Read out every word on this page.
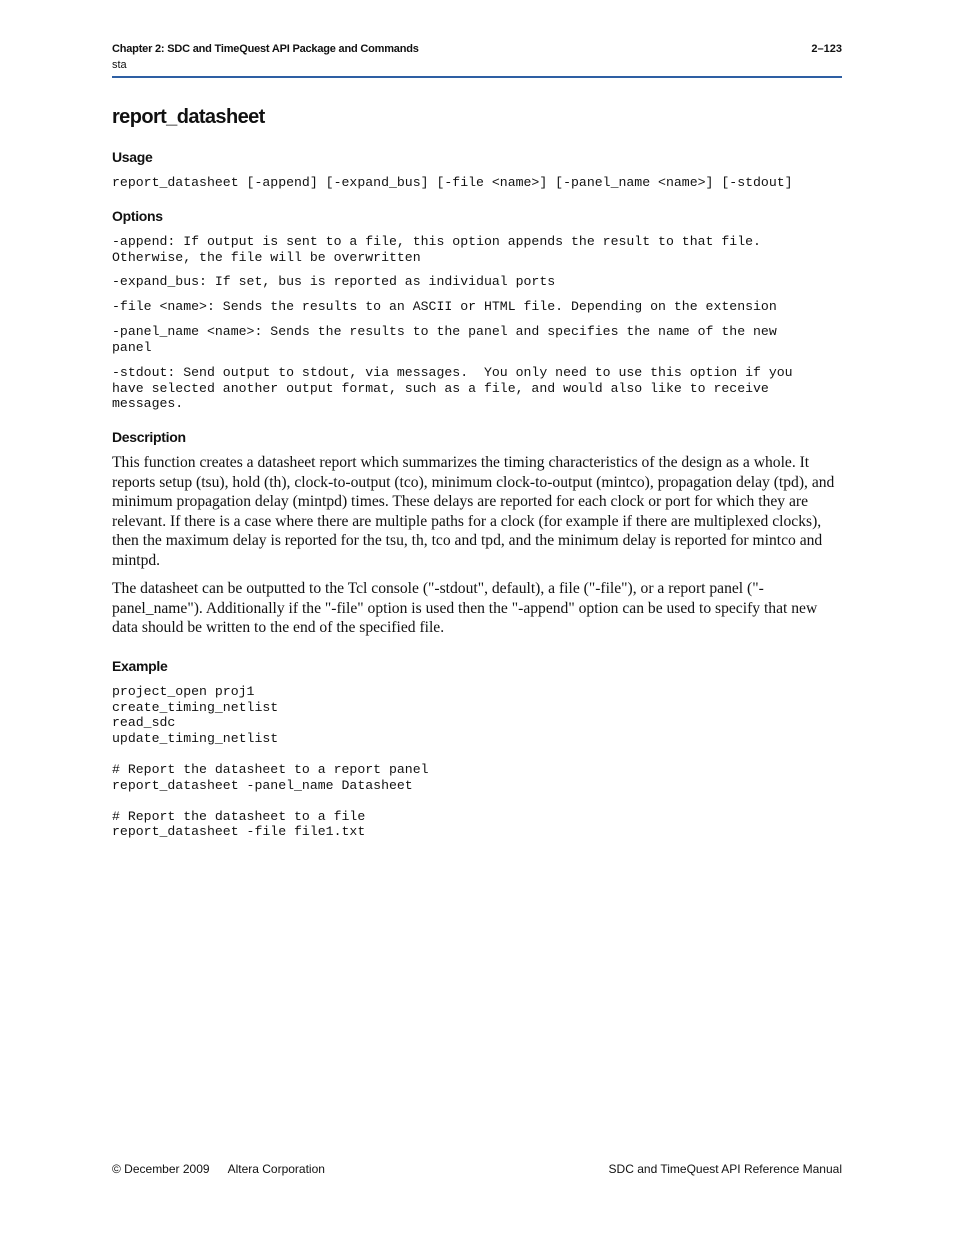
Chapter 2: SDC and TimeQuest API Package and Commands	2–123
sta
report_datasheet
Usage
report_datasheet [-append] [-expand_bus] [-file <name>] [-panel_name <name>] [-stdout]
Options
-append: If output is sent to a file, this option appends the result to that file.
Otherwise, the file will be overwritten
-expand_bus: If set, bus is reported as individual ports
-file <name>: Sends the results to an ASCII or HTML file. Depending on the extension
-panel_name <name>: Sends the results to the panel and specifies the name of the new
panel
-stdout: Send output to stdout, via messages.  You only need to use this option if you
have selected another output format, such as a file, and would also like to receive
messages.
Description

This function creates a datasheet report which summarizes the timing characteristics of the design as a whole. It reports setup (tsu), hold (th), clock-to-output (tco), minimum clock-to-output (mintco), propagation delay (tpd), and minimum propagation delay (mintpd) times. These delays are reported for each clock or port for which they are relevant. If there is a case where there are multiple paths for a clock (for example if there are multiplexed clocks), then the maximum delay is reported for the tsu, th, tco and tpd, and the minimum delay is reported for mintco and mintpd.

The datasheet can be outputted to the Tcl console ("-stdout", default), a file ("-file"), or a report panel ("-panel_name"). Additionally if the "-file" option is used then the "-append" option can be used to specify that new data should be written to the end of the specified file.

Example
project_open proj1
create_timing_netlist
read_sdc
update_timing_netlist

# Report the datasheet to a report panel
report_datasheet -panel_name Datasheet

# Report the datasheet to a file
report_datasheet -file file1.txt
© December 2009 Altera Corporation	SDC and TimeQuest API Reference Manual
